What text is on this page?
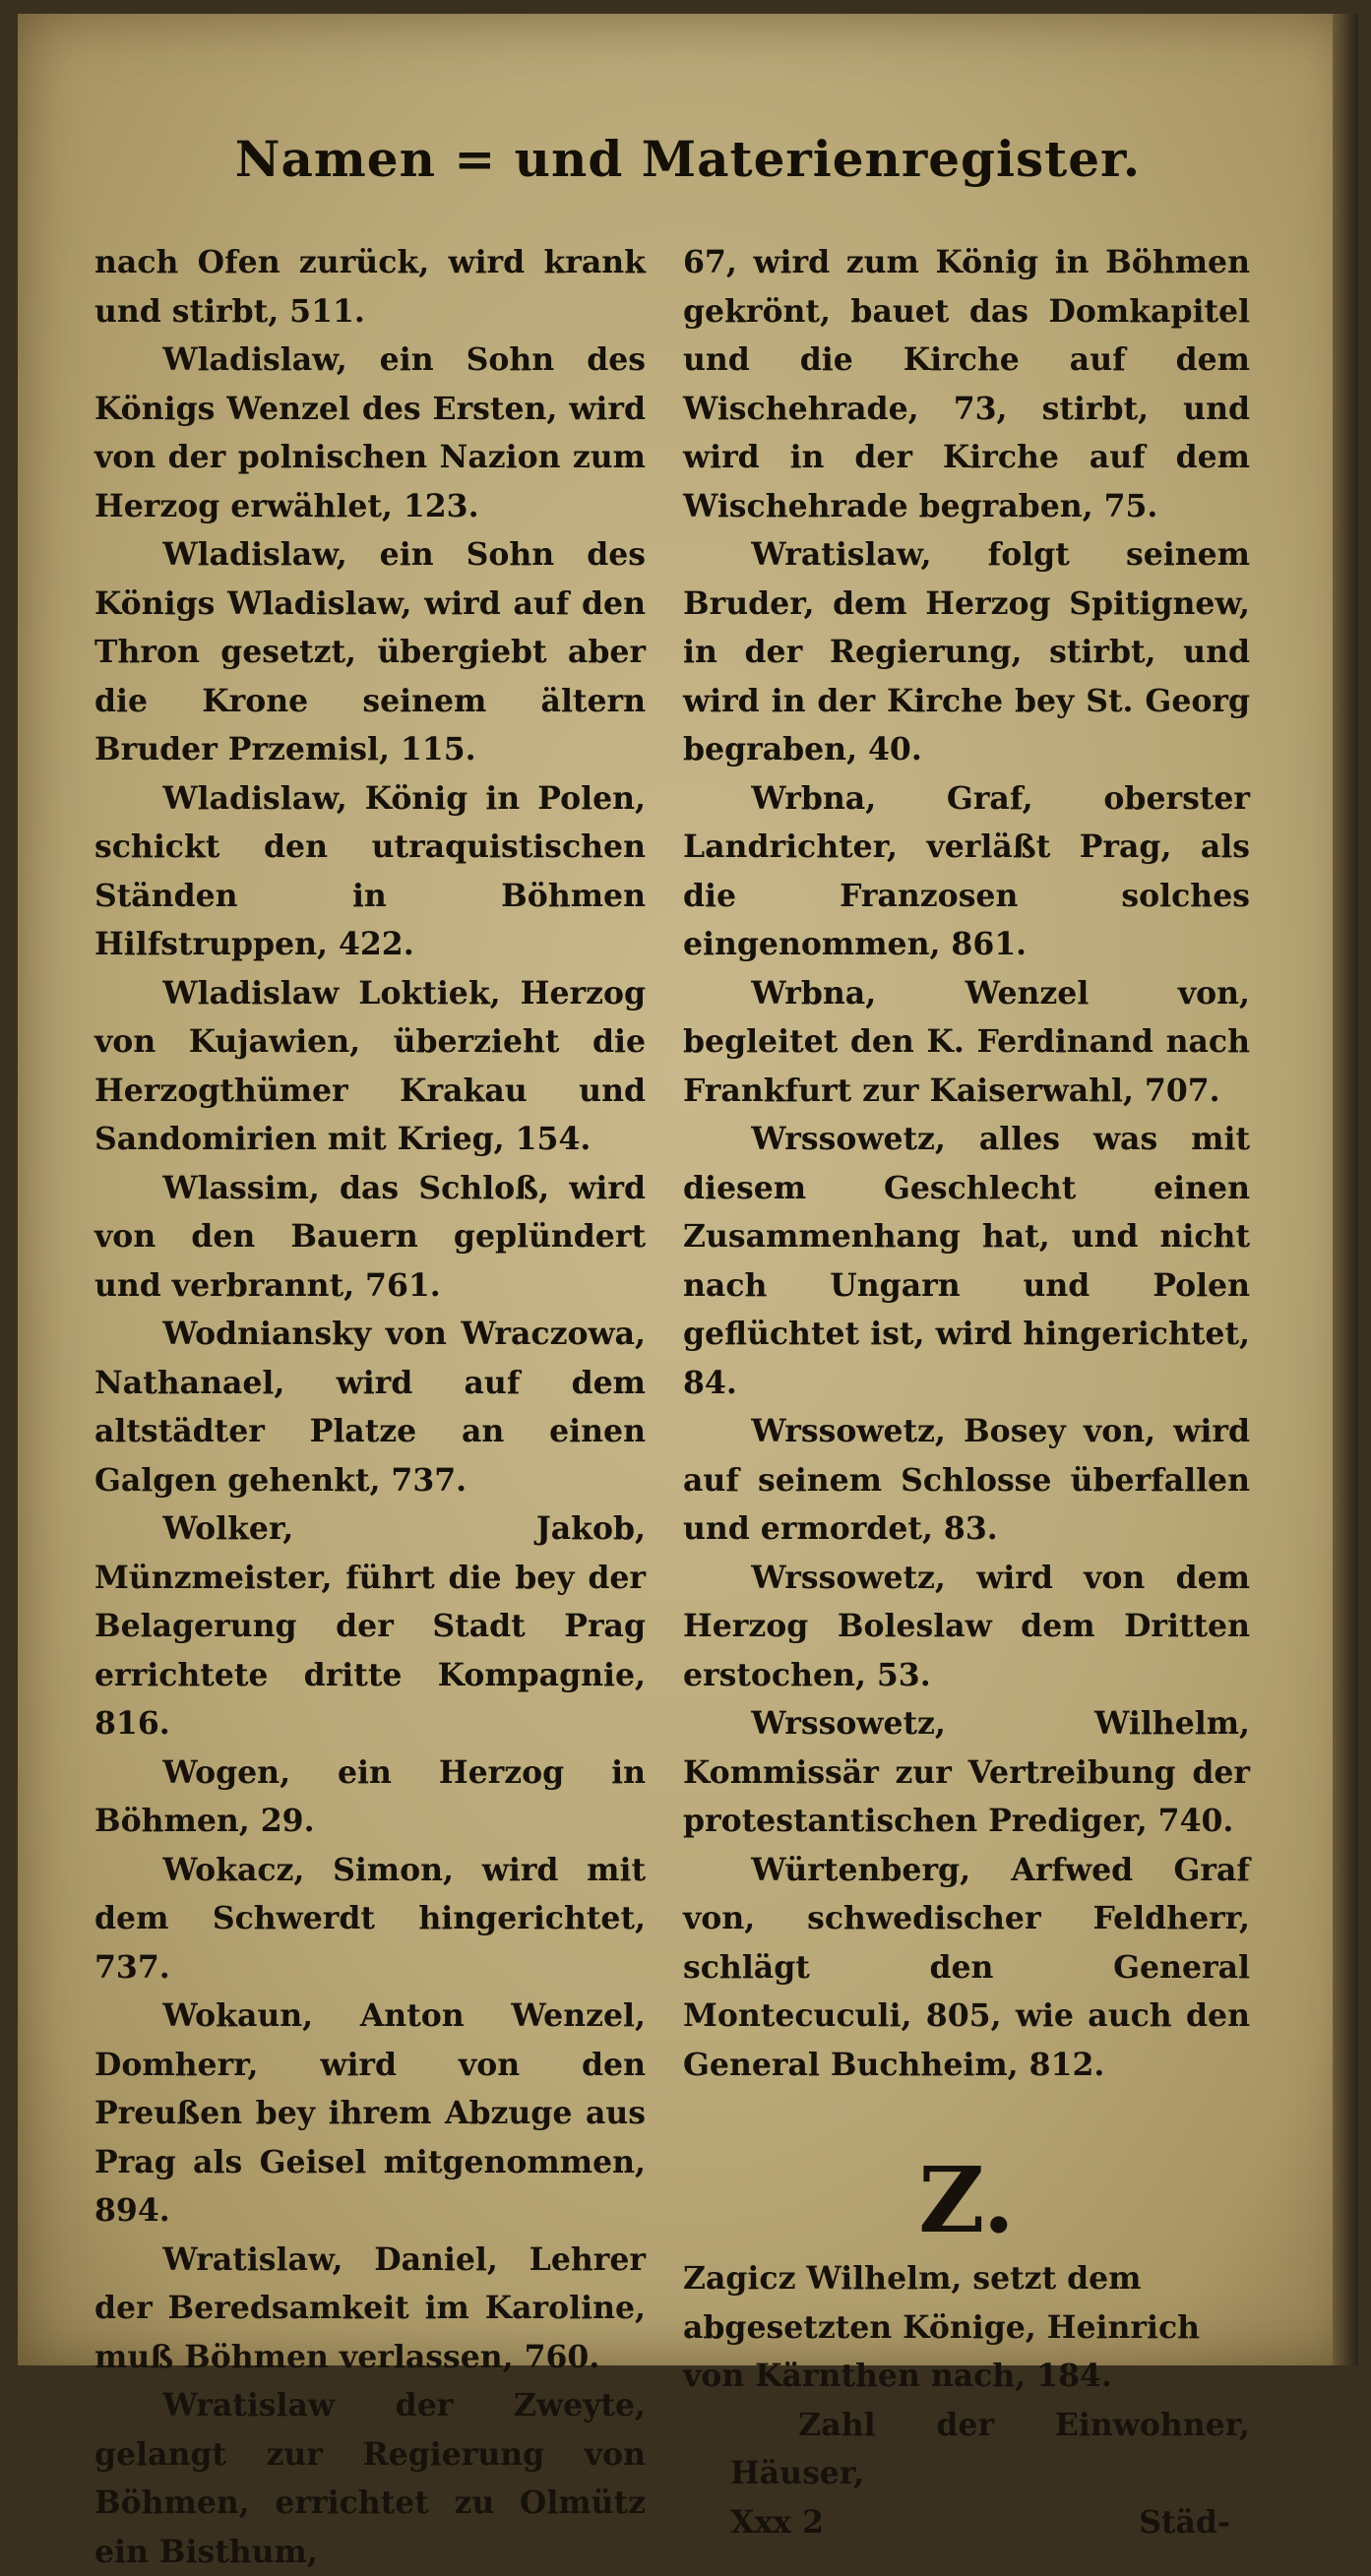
Namen = und Materienregister.

nach Ofen zurück, wird krank und stirbt, 511.

Wladislaw, ein Sohn des Königs Wenzel des Ersten, wird von der polnischen Nazion zum Herzog erwählet, 123.

Wladislaw, ein Sohn des Königs Wladislaw, wird auf den Thron gesetzt, übergiebt aber die Krone seinem ältern Bruder Przemisl, 115.

Wladislaw, König in Polen, schickt den utraquistischen Ständen in Böhmen Hilfstruppen, 422.

Wladislaw Loktiek, Herzog von Kujawien, überzieht die Herzogthümer Krakau und Sandomirien mit Krieg, 154.

Wlassim, das Schloß, wird von den Bauern geplündert und verbrannt, 761.

Wodniansky von Wraczowa, Nathanael, wird auf dem altstädter Platze an einen Galgen gehenkt, 737.

Wolker, Jakob, Münzmeister, führt die bey der Belagerung der Stadt Prag errichtete dritte Kompagnie, 816.

Wogen, ein Herzog in Böhmen, 29.

Wokacz, Simon, wird mit dem Schwerdt hingerichtet, 737.

Wokaun, Anton Wenzel, Domherr, wird von den Preußen bey ihrem Abzuge aus Prag als Geisel mitgenommen, 894.

Wratislaw, Daniel, Lehrer der Beredsamkeit im Karoline, muß Böhmen verlassen, 760.

Wratislaw der Zweyte, gelangt zur Regierung von Böhmen, errichtet zu Olmütz ein Bisthum,

67, wird zum König in Böhmen gekrönt, bauet das Domkapitel und die Kirche auf dem Wischehrade, 73, stirbt, und wird in der Kirche auf dem Wischehrade begraben, 75.

Wratislaw, folgt seinem Bruder, dem Herzog Spitignew, in der Regierung, stirbt, und wird in der Kirche bey St. Georg begraben, 40.

Wrbna, Graf, oberster Landrichter, verläßt Prag, als die Franzosen solches eingenommen, 861.

Wrbna, Wenzel von, begleitet den K. Ferdinand nach Frankfurt zur Kaiserwahl, 707.

Wrssowetz, alles was mit diesem Geschlecht einen Zusammenhang hat, und nicht nach Ungarn und Polen geflüchtet ist, wird hingerichtet, 84.

Wrssowetz, Bosey von, wird auf seinem Schlosse überfallen und ermordet, 83.

Wrssowetz, wird von dem Herzog Boleslaw dem Dritten erstochen, 53.

Wrssowetz, Wilhelm, Kommissär zur Vertreibung der protestantischen Prediger, 740.

Würtenberg, Arfwed Graf von, schwedischer Feldherr, schlägt den General Montecuculi, 805, wie auch den General Buchheim, 812.

Z.

Zagicz Wilhelm, setzt dem abgesetzten Könige, Heinrich von Kärnthen nach, 184.

Zahl der Einwohner, Häuser,

Xxx 2	Städ-
